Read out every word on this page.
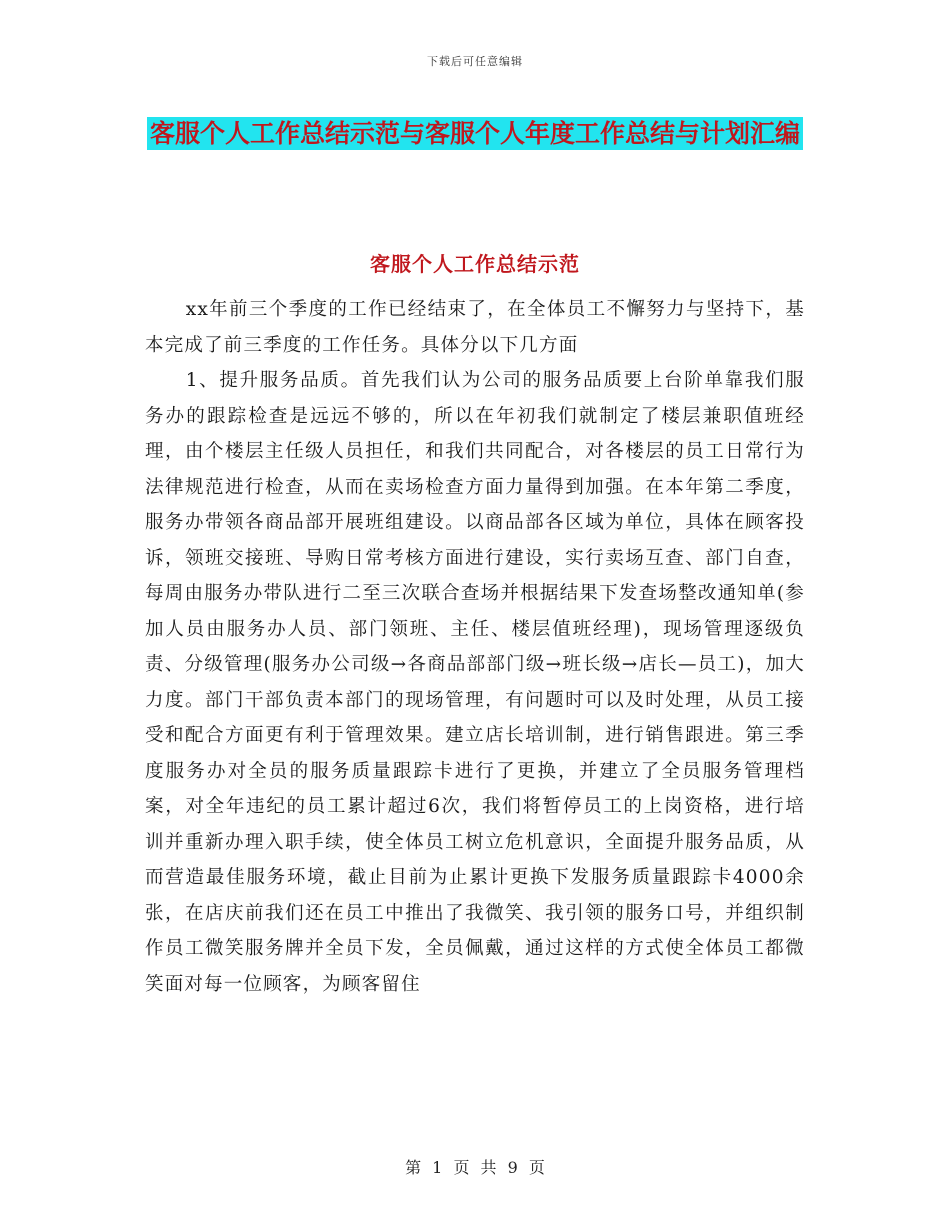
下载后可任意编辑
客服个人工作总结示范与客服个人年度工作总结与计划汇编
客服个人工作总结示范

xx年前三个季度的工作已经结束了，在全体员工不懈努力与坚持下，基本完成了前三季度的工作任务。具体分以下几方面

1、提升服务品质。首先我们认为公司的服务品质要上台阶单靠我们服务办的跟踪检查是远远不够的，所以在年初我们就制定了楼层兼职值班经理，由个楼层主任级人员担任，和我们共同配合，对各楼层的员工日常行为法律规范进行检查，从而在卖场检查方面力量得到加强。在本年第二季度，服务办带领各商品部开展班组建设。以商品部各区域为单位，具体在顾客投诉，领班交接班、导购日常考核方面进行建设，实行卖场互查、部门自查，每周由服务办带队进行二至三次联合查场并根据结果下发查场整改通知单(参加人员由服务办人员、部门领班、主任、楼层值班经理)，现场管理逐级负责、分级管理(服务办公司级→各商品部部门级→班长级→店长—员工)，加大力度。部门干部负责本部门的现场管理，有问题时可以及时处理，从员工接受和配合方面更有利于管理效果。建立店长培训制，进行销售跟进。第三季度服务办对全员的服务质量跟踪卡进行了更换，并建立了全员服务管理档案，对全年违纪的员工累计超过6次，我们将暂停员工的上岗资格，进行培训并重新办理入职手续，使全体员工树立危机意识，全面提升服务品质，从而营造最佳服务环境，截止目前为止累计更换下发服务质量跟踪卡4000余张，在店庆前我们还在员工中推出了我微笑、我引领的服务口号，并组织制作员工微笑服务牌并全员下发，全员佩戴，通过这样的方式使全体员工都微笑面对每一位顾客，为顾客留住

第 1 页 共 9 页
